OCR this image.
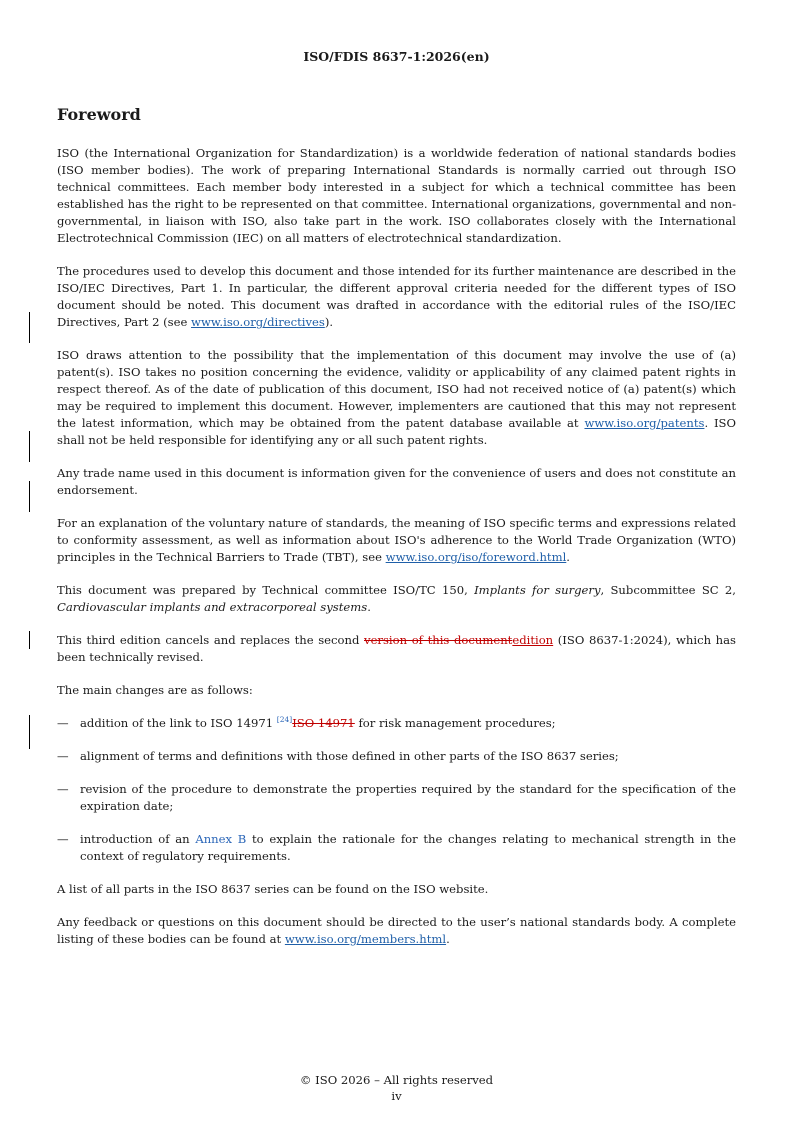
ISO/FDIS 8637-1:2026(en)
Foreword

ISO (the International Organization for Standardization) is a worldwide federation of national standards bodies (ISO member bodies). The work of preparing International Standards is normally carried out through ISO technical committees. Each member body interested in a subject for which a technical committee has been established has the right to be represented on that committee. International organizations, governmental and non-governmental, in liaison with ISO, also take part in the work. ISO collaborates closely with the International Electrotechnical Commission (IEC) on all matters of electrotechnical standardization.

The procedures used to develop this document and those intended for its further maintenance are described in the ISO/IEC Directives, Part 1. In particular, the different approval criteria needed for the different types of ISO document should be noted. This document was drafted in accordance with the editorial rules of the ISO/IEC Directives, Part 2 (see www.iso.org/directives).

ISO draws attention to the possibility that the implementation of this document may involve the use of (a) patent(s). ISO takes no position concerning the evidence, validity or applicability of any claimed patent rights in respect thereof. As of the date of publication of this document, ISO had not received notice of (a) patent(s) which may be required to implement this document. However, implementers are cautioned that this may not represent the latest information, which may be obtained from the patent database available at www.iso.org/patents. ISO shall not be held responsible for identifying any or all such patent rights.

Any trade name used in this document is information given for the convenience of users and does not constitute an endorsement.

For an explanation of the voluntary nature of standards, the meaning of ISO specific terms and expressions related to conformity assessment, as well as information about ISO's adherence to the World Trade Organization (WTO) principles in the Technical Barriers to Trade (TBT), see www.iso.org/iso/foreword.html.

This document was prepared by Technical committee ISO/TC 150, Implants for surgery, Subcommittee SC 2, Cardiovascular implants and extracorporeal systems.

This third edition cancels and replaces the second version of this documentedition (ISO 8637-1:2024), which has been technically revised.

The main changes are as follows:

— addition of the link to ISO 14971 [24]ISO 14971 for risk management procedures;
— alignment of terms and definitions with those defined in other parts of the ISO 8637 series;
— revision of the procedure to demonstrate the properties required by the standard for the specification of the expiration date;
— introduction of an Annex B to explain the rationale for the changes relating to mechanical strength in the context of regulatory requirements.

A list of all parts in the ISO 8637 series can be found on the ISO website.

Any feedback or questions on this document should be directed to the user’s national standards body. A complete listing of these bodies can be found at www.iso.org/members.html.

© ISO 2026 – All rights reserved
iv
